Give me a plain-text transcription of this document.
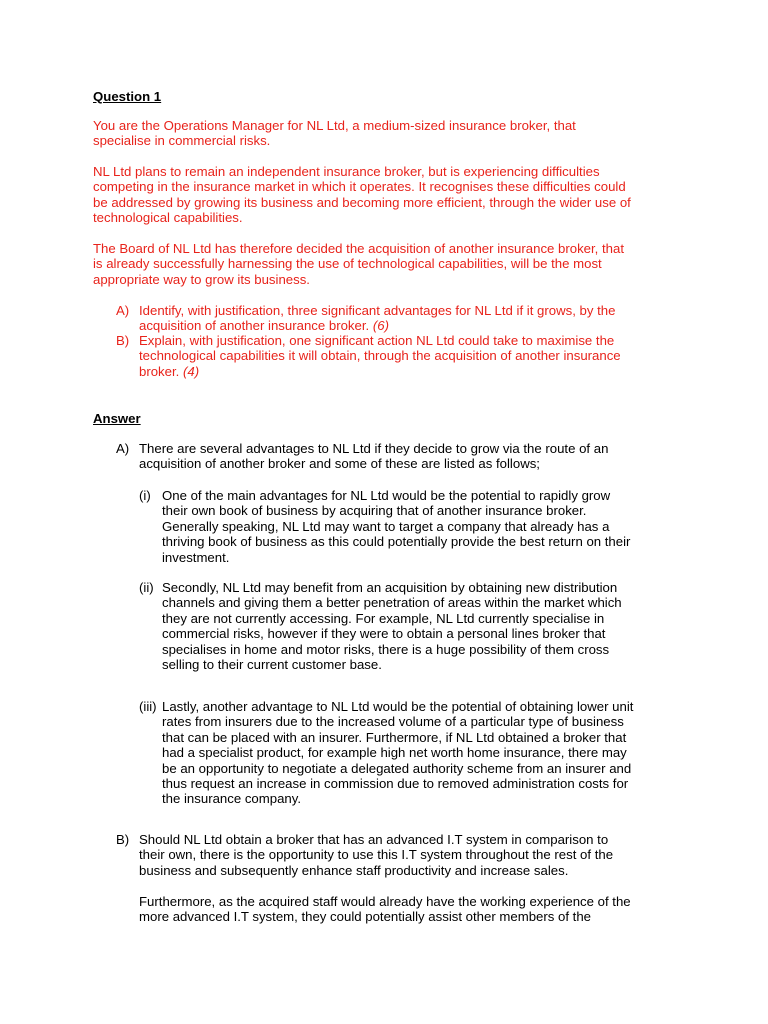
Question 1
You are the Operations Manager for NL Ltd, a medium-sized insurance broker, that
specialise in commercial risks.
NL Ltd plans to remain an independent insurance broker, but is experiencing difficulties
competing in the insurance market in which it operates. It recognises these difficulties could
be addressed by growing its business and becoming more efficient, through the wider use of
technological capabilities.
The Board of NL Ltd has therefore decided the acquisition of another insurance broker, that
is already successfully harnessing the use of technological capabilities, will be the most
appropriate way to grow its business.
A) Identify, with justification, three significant advantages for NL Ltd if it grows, by the
acquisition of another insurance broker. (6)
B) Explain, with justification, one significant action NL Ltd could take to maximise the
technological capabilities it will obtain, through the acquisition of another insurance
broker. (4)
Answer
A) There are several advantages to NL Ltd if they decide to grow via the route of an
acquisition of another broker and some of these are listed as follows;
(i) One of the main advantages for NL Ltd would be the potential to rapidly grow
their own book of business by acquiring that of another insurance broker.
Generally speaking, NL Ltd may want to target a company that already has a
thriving book of business as this could potentially provide the best return on their
investment.
(ii) Secondly, NL Ltd may benefit from an acquisition by obtaining new distribution
channels and giving them a better penetration of areas within the market which
they are not currently accessing. For example, NL Ltd currently specialise in
commercial risks, however if they were to obtain a personal lines broker that
specialises in home and motor risks, there is a huge possibility of them cross
selling to their current customer base.
(iii) Lastly, another advantage to NL Ltd would be the potential of obtaining lower unit
rates from insurers due to the increased volume of a particular type of business
that can be placed with an insurer. Furthermore, if NL Ltd obtained a broker that
had a specialist product, for example high net worth home insurance, there may
be an opportunity to negotiate a delegated authority scheme from an insurer and
thus request an increase in commission due to removed administration costs for
the insurance company.
B) Should NL Ltd obtain a broker that has an advanced I.T system in comparison to
their own, there is the opportunity to use this I.T system throughout the rest of the
business and subsequently enhance staff productivity and increase sales.
Furthermore, as the acquired staff would already have the working experience of the
more advanced I.T system, they could potentially assist other members of the
